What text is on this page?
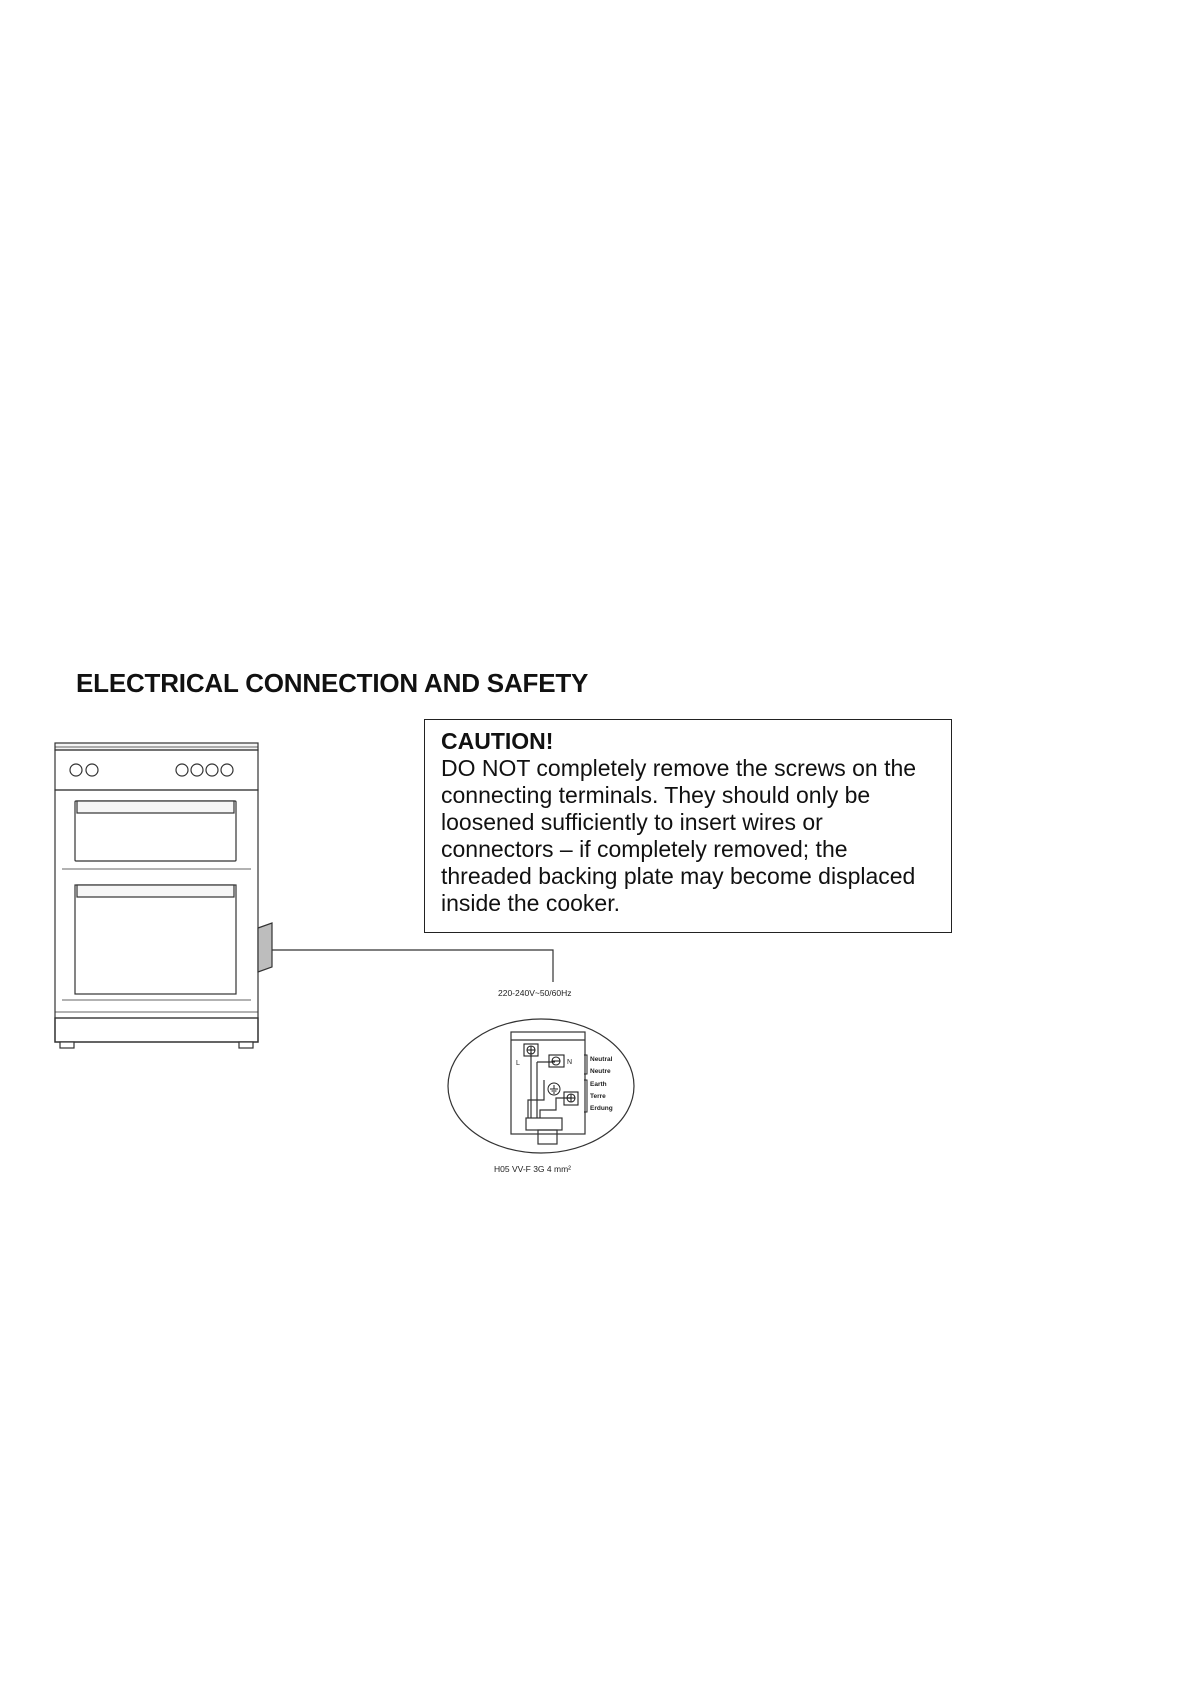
ELECTRICAL CONNECTION AND SAFETY
CAUTION!
DO NOT completely remove the screws on the
connecting terminals. They should only be
loosened sufficiently to insert wires or
connectors – if completely removed; the
threaded backing plate may become displaced
inside the cooker.
220-240V~50/60Hz
L	N	Neutral
Neutre
Earth
Terre
Erdung
H05 VV-F 3G 4 mm²
